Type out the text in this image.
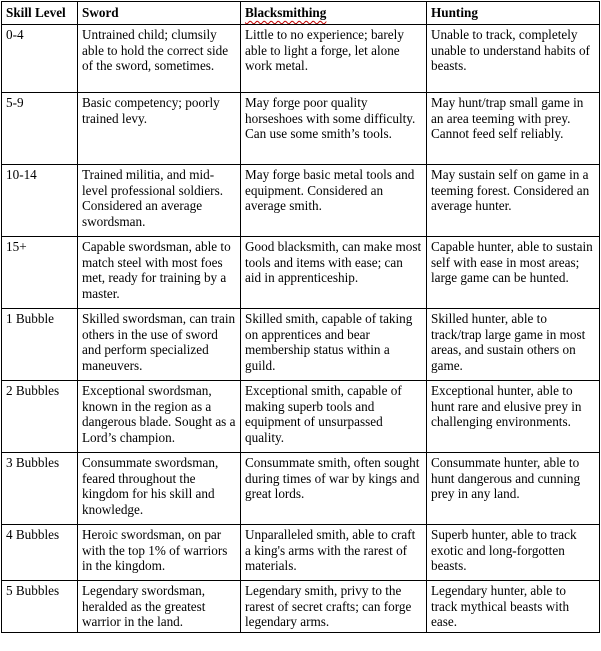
Skill Level	Sword	Blacksmithing	Hunting
0-4	Untrained child; clumsily able to hold the correct side of the sword, sometimes.	Little to no experience; barely able to light a forge, let alone work metal.	Unable to track, completely unable to understand habits of beasts.
5-9	Basic competency; poorly trained levy.	May forge poor quality horseshoes with some difficulty. Can use some smith’s tools.	May hunt/trap small game in an area teeming with prey. Cannot feed self reliably.
10-14	Trained militia, and mid-level professional soldiers. Considered an average swordsman.	May forge basic metal tools and equipment. Considered an average smith.	May sustain self on game in a teeming forest. Considered an average hunter.
15+	Capable swordsman, able to match steel with most foes met, ready for training by a master.	Good blacksmith, can make most tools and items with ease; can aid in apprenticeship.	Capable hunter, able to sustain self with ease in most areas; large game can be hunted.
1 Bubble	Skilled swordsman, can train others in the use of sword and perform specialized maneuvers.	Skilled smith, capable of taking on apprentices and bear membership status within a guild.	Skilled hunter, able to track/trap large game in most areas, and sustain others on game.
2 Bubbles	Exceptional swordsman, known in the region as a dangerous blade. Sought as a Lord’s champion.	Exceptional smith, capable of making superb tools and equipment of unsurpassed quality.	Exceptional hunter, able to hunt rare and elusive prey in challenging environments.
3 Bubbles	Consummate swordsman, feared throughout the kingdom for his skill and knowledge.	Consummate smith, often sought during times of war by kings and great lords.	Consummate hunter, able to hunt dangerous and cunning prey in any land.
4 Bubbles	Heroic swordsman, on par with the top 1% of warriors in the kingdom.	Unparalleled smith, able to craft a king's arms with the rarest of materials.	Superb hunter, able to track exotic and long-forgotten beasts.
5 Bubbles	Legendary swordsman, heralded as the greatest warrior in the land.	Legendary smith, privy to the rarest of secret crafts; can forge legendary arms.	Legendary hunter, able to track mythical beasts with ease.
